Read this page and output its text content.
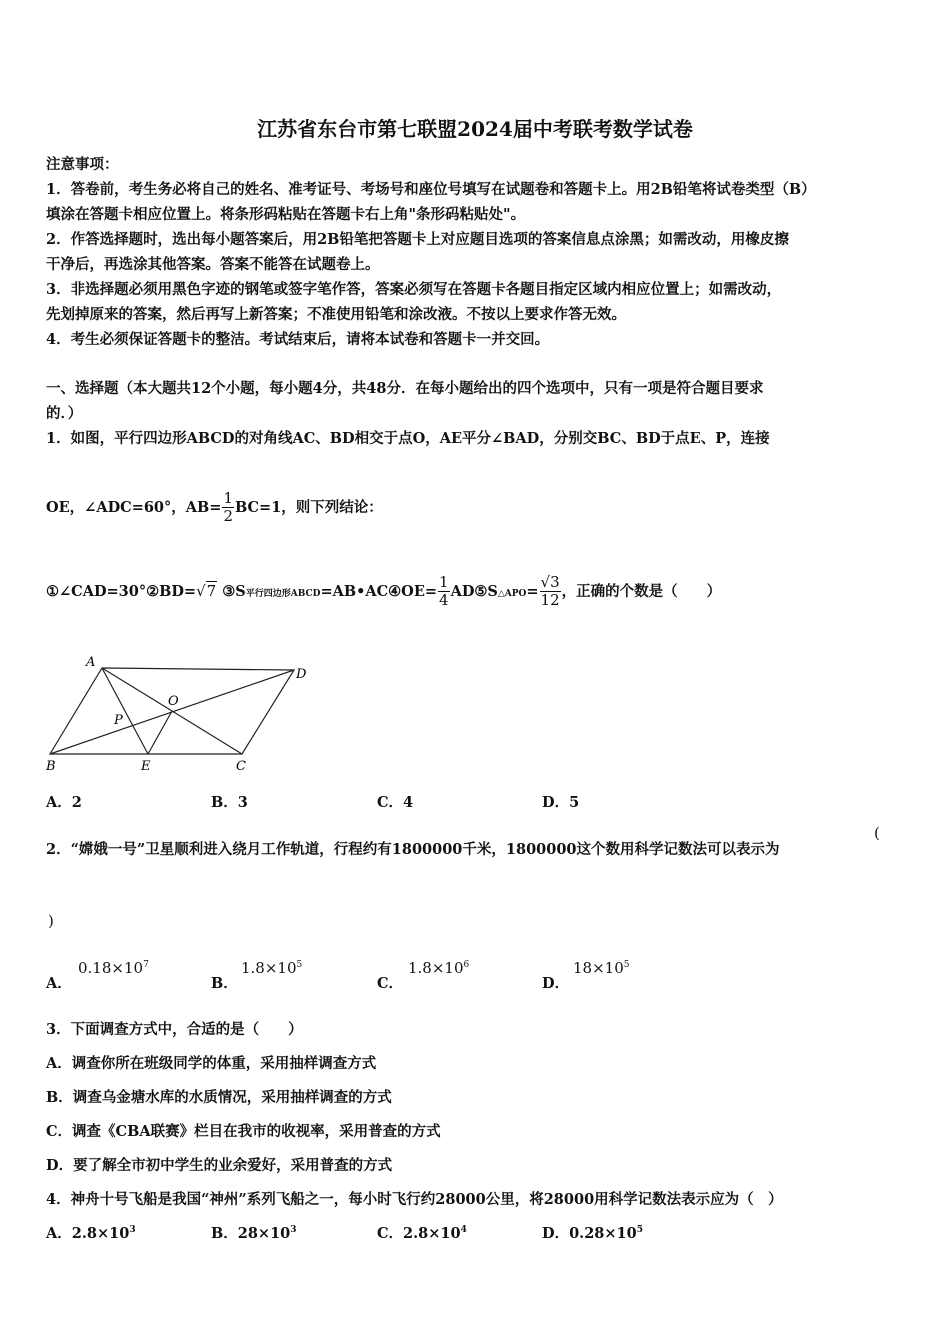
江苏省东台市第七联盟2024届中考联考数学试卷
注意事项：
1．答卷前，考生务必将自己的姓名、准考证号、考场号和座位号填写在试题卷和答题卡上。用2B铅笔将试卷类型（B）
填涂在答题卡相应位置上。将条形码粘贴在答题卡右上角"条形码粘贴处"。
2．作答选择题时，选出每小题答案后，用2B铅笔把答题卡上对应题目选项的答案信息点涂黑；如需改动，用橡皮擦
干净后，再选涂其他答案。答案不能答在试题卷上。
3．非选择题必须用黑色字迹的钢笔或签字笔作答，答案必须写在答题卡各题目指定区域内相应位置上；如需改动，
先划掉原来的答案，然后再写上新答案；不准使用铅笔和涂改液。不按以上要求作答无效。
4．考生必须保证答题卡的整洁。考试结束后，请将本试卷和答题卡一并交回。
一、选择题（本大题共12个小题，每小题4分，共48分．在每小题给出的四个选项中，只有一项是符合题目要求
的．）
1．如图，平行四边形ABCD的对角线AC、BD相交于点O，AE平分∠BAD，分别交BC、BD于点E、P，连接
OE，∠ADC=60°，$AB= \frac{1}{2} BC=1$，则下列结论：
①∠CAD=30°②BD=√7 ③S平行四边形ABCD=AB•AC④OE= $\frac{1}{4}$ AD⑤S△APO= $\frac{√3}{12}$ ，正确的个数是（　　）
A
D
O
P
B	E	C
A．2	B．3	C．4	D．5
2．“嫦娥一号”卫星顺利进入绕月工作轨道，行程约有1800000千米，1800000这个数用科学记数法可以表示为
(
)
A．
$0.18\times 10^7$
B．
$1.8\times 10^5$
C．
$1.8\times 10^6$
D．
$18\times 10^5$
3．下面调查方式中，合适的是（　　）
A．调查你所在班级同学的体重，采用抽样调查方式
B．调查乌金塘水库的水质情况，采用抽样调查的方式
C．调查《CBA联赛》栏目在我市的收视率，采用普查的方式
D．要了解全市初中学生的业余爱好，采用普查的方式
4．神舟十号飞船是我国“神州”系列飞船之一，每小时飞行约28000公里，将28000用科学记数法表示应为（　）
A．$2.8\times 10^3$	B．$28\times 10^3$	C．$2.8\times 10^4$	D．$0.28\times 10^5$
